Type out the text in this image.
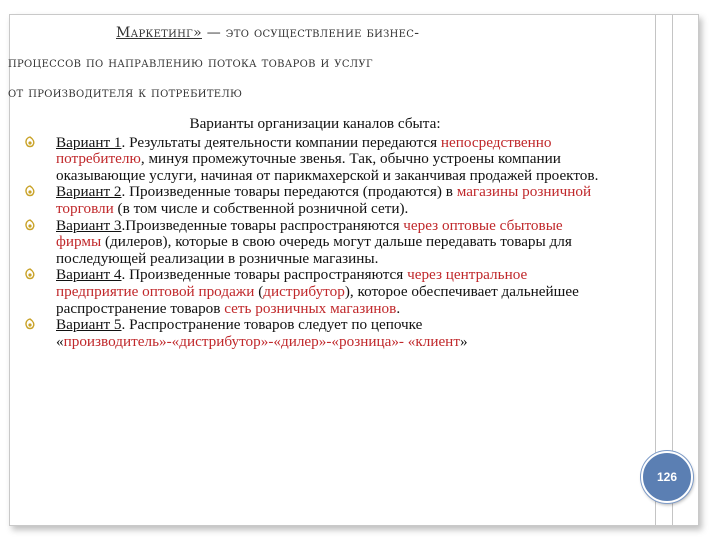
Маркетинг» — это осуществление бизнес-
процессов по направлению потока товаров и услуг
от производителя к потребителю
Варианты организации каналов сбыта:
Вариант 1. Результаты деятельности компании передаются непосредственно потребителю, минуя промежуточные звенья. Так, обычно устроены компании оказывающие услуги, начиная от парикмахерской и заканчивая продажей проектов.
Вариант 2. Произведенные товары передаются (продаются) в магазины розничной торговли (в том числе и собственной розничной сети).
Вариант 3.Произведенные товары распространяются через оптовые сбытовые фирмы (дилеров), которые в свою очередь могут дальше передавать товары для последующей реализации в розничные магазины.
Вариант 4. Произведенные товары распространяются через центральное предприятие оптовой продажи (дистрибутор), которое обеспечивает дальнейшее распространение товаров сеть розничных магазинов.
Вариант 5. Распространение товаров следует по цепочке «производитель»-«дистрибутор»-«дилер»-«розница»- «клиент»
126
